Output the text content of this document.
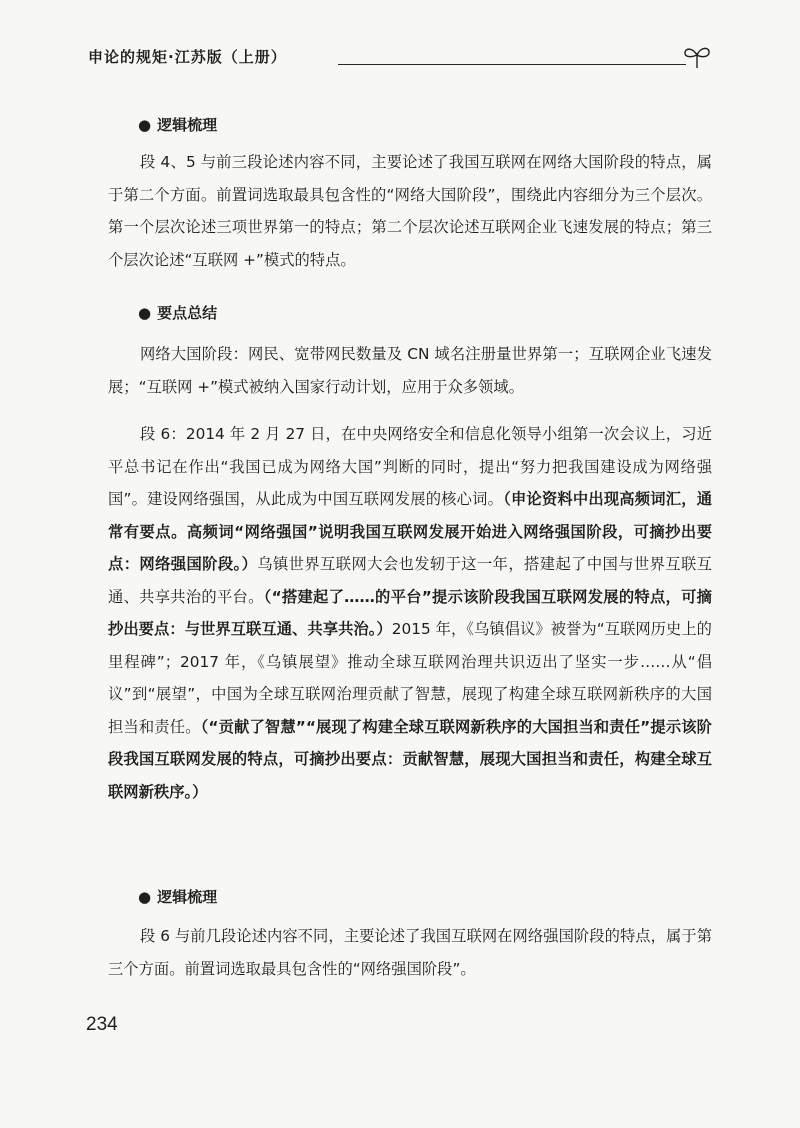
申论的规矩·江苏版（上册）
● 逻辑梳理
段 4、5 与前三段论述内容不同，主要论述了我国互联网在网络大国阶段的特点，属于第二个方面。前置词选取最具包含性的“网络大国阶段”，围绕此内容细分为三个层次。第一个层次论述三项世界第一的特点；第二个层次论述互联网企业飞速发展的特点；第三个层次论述“互联网 +”模式的特点。
● 要点总结
网络大国阶段：网民、宽带网民数量及 CN 域名注册量世界第一；互联网企业飞速发展；“互联网 +”模式被纳入国家行动计划，应用于众多领域。
段 6：2014 年 2 月 27 日，在中央网络安全和信息化领导小组第一次会议上，习近平总书记在作出“我国已成为网络大国”判断的同时，提出“努力把我国建设成为网络强国”。建设网络强国，从此成为中国互联网发展的核心词。（申论资料中出现高频词汇，通常有要点。高频词“网络强国”说明我国互联网发展开始进入网络强国阶段，可摘抄出要点：网络强国阶段。）乌镇世界互联网大会也发轫于这一年，搭建起了中国与世界互联互通、共享共治的平台。（“搭建起了……的平台”提示该阶段我国互联网发展的特点，可摘抄出要点：与世界互联互通、共享共治。）2015 年，《乌镇倡议》被誉为“互联网历史上的里程碑”；2017 年，《乌镇展望》推动全球互联网治理共识迈出了坚实一步……从“倡议”到“展望”，中国为全球互联网治理贡献了智慧，展现了构建全球互联网新秩序的大国担当和责任。（“贡献了智慧”“展现了构建全球互联网新秩序的大国担当和责任”提示该阶段我国互联网发展的特点，可摘抄出要点：贡献智慧，展现大国担当和责任，构建全球互联网新秩序。）
● 逻辑梳理
段 6 与前几段论述内容不同，主要论述了我国互联网在网络强国阶段的特点，属于第三个方面。前置词选取最具包含性的“网络强国阶段”。
234
